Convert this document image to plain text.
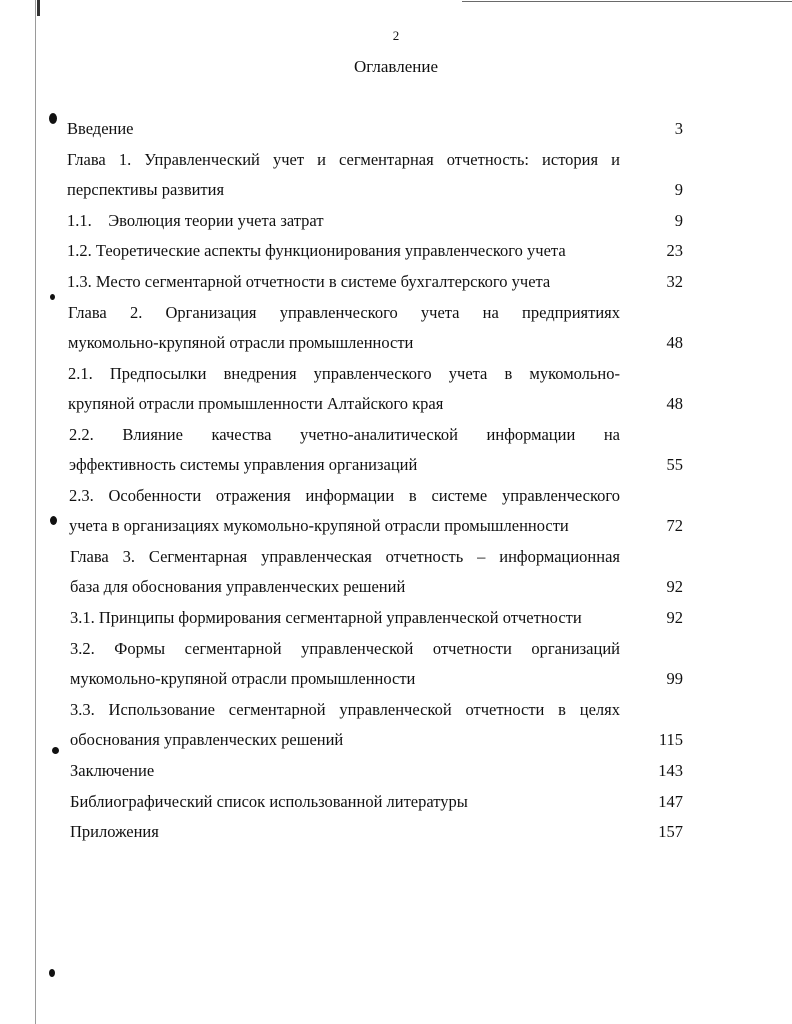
2
Оглавление
Введение	3
Глава 1. Управленческий учет и сегментарная отчетность: история и
перспективы развития	9
1.1.    Эволюция теории учета затрат	9
1.2. Теоретические аспекты функционирования управленческого учета	23
1.3. Место сегментарной отчетности в системе бухгалтерского учета	32
Глава 2. Организация управленческого учета на предприятиях
мукомольно-крупяной отрасли промышленности	48
2.1. Предпосылки внедрения управленческого учета в мукомольно-
крупяной отрасли промышленности Алтайского края	48
2.2. Влияние качества учетно-аналитической информации на
эффективность системы управления организаций	55
2.3. Особенности отражения информации в системе управленческого
учета в организациях мукомольно-крупяной отрасли промышленности	72
Глава 3. Сегментарная управленческая отчетность – информационная
база для обоснования управленческих решений	92
3.1. Принципы формирования сегментарной управленческой отчетности	92
3.2. Формы сегментарной управленческой отчетности организаций
мукомольно-крупяной отрасли промышленности	99
3.3. Использование сегментарной управленческой отчетности в целях
обоснования управленческих решений	115
Заключение	143
Библиографический список использованной литературы	147
Приложения	157
